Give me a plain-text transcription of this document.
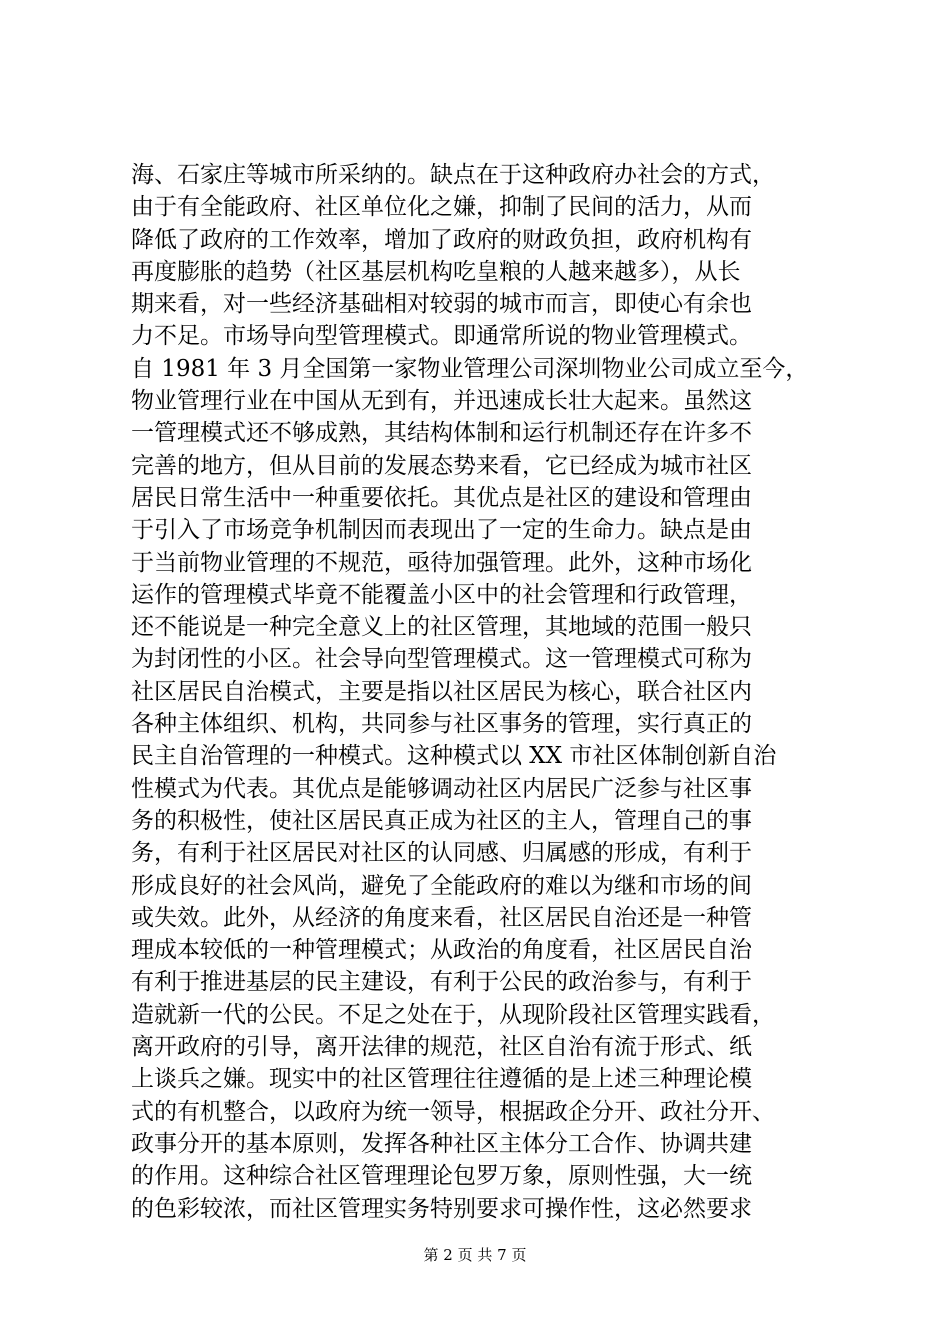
海、石家庄等城市所采纳的。缺点在于这种政府办社会的方式，
由于有全能政府、社区单位化之嫌，抑制了民间的活力，从而
降低了政府的工作效率，增加了政府的财政负担，政府机构有
再度膨胀的趋势（社区基层机构吃皇粮的人越来越多），从长
期来看，对一些经济基础相对较弱的城市而言，即使心有余也
力不足。市场导向型管理模式。即通常所说的物业管理模式。
自 1981 年 3 月全国第一家物业管理公司深圳物业公司成立至今，
物业管理行业在中国从无到有，并迅速成长壮大起来。虽然这
一管理模式还不够成熟，其结构体制和运行机制还存在许多不
完善的地方，但从目前的发展态势来看，它已经成为城市社区
居民日常生活中一种重要依托。其优点是社区的建设和管理由
于引入了市场竞争机制因而表现出了一定的生命力。缺点是由
于当前物业管理的不规范，亟待加强管理。此外，这种市场化
运作的管理模式毕竟不能覆盖小区中的社会管理和行政管理，
还不能说是一种完全意义上的社区管理，其地域的范围一般只
为封闭性的小区。社会导向型管理模式。这一管理模式可称为
社区居民自治模式，主要是指以社区居民为核心，联合社区内
各种主体组织、机构，共同参与社区事务的管理，实行真正的
民主自治管理的一种模式。这种模式以 XX 市社区体制创新自治
性模式为代表。其优点是能够调动社区内居民广泛参与社区事
务的积极性，使社区居民真正成为社区的主人，管理自己的事
务，有利于社区居民对社区的认同感、归属感的形成，有利于
形成良好的社会风尚，避免了全能政府的难以为继和市场的间
或失效。此外，从经济的角度来看，社区居民自治还是一种管
理成本较低的一种管理模式；从政治的角度看，社区居民自治
有利于推进基层的民主建设，有利于公民的政治参与，有利于
造就新一代的公民。不足之处在于，从现阶段社区管理实践看，
离开政府的引导，离开法律的规范，社区自治有流于形式、纸
上谈兵之嫌。现实中的社区管理往往遵循的是上述三种理论模
式的有机整合，以政府为统一领导，根据政企分开、政社分开、
政事分开的基本原则，发挥各种社区主体分工合作、协调共建
的作用。这种综合社区管理理论包罗万象，原则性强，大一统
的色彩较浓，而社区管理实务特别要求可操作性，这必然要求
第 2 页 共 7 页
